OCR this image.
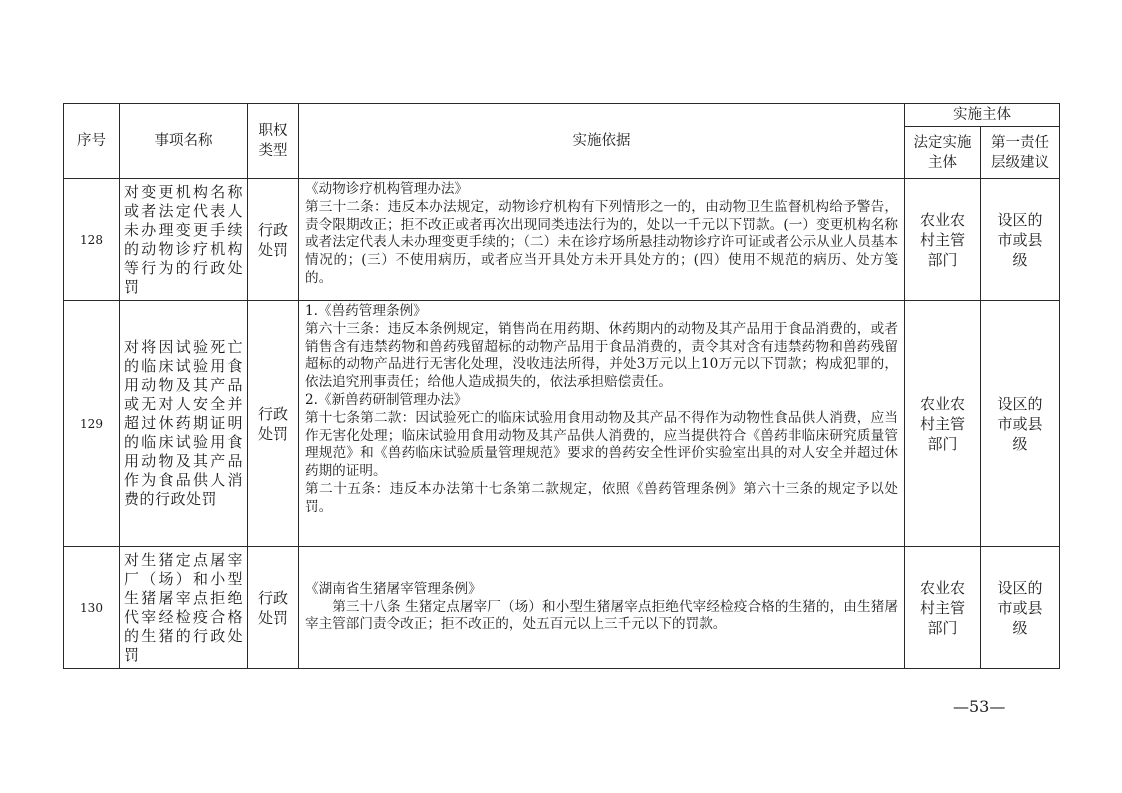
序号	事项名称	职权类型	实施依据	实施主体	
				法定实施主体	第一责任层级建议
128	对变更机构名称或者法定代表人未办理变更手续的动物诊疗机构等行为的行政处罚	行政处罚	《动物诊疗机构管理办法》
第三十二条：违反本办法规定，动物诊疗机构有下列情形之一的，由动物卫生监督机构给予警告，责令限期改正；拒不改正或者再次出现同类违法行为的，处以一千元以下罚款。(一）变更机构名称或者法定代表人未办理变更手续的；（二）未在诊疗场所悬挂动物诊疗许可证或者公示从业人员基本情况的；(三）不使用病历，或者应当开具处方未开具处方的；(四）使用不规范的病历、处方笺的。	农业农村主管部门	设区的市或县级
129	对将因试验死亡的临床试验用食用动物及其产品或无对人安全并超过休药期证明的临床试验用食用动物及其产品作为食品供人消费的行政处罚	行政处罚	1.《兽药管理条例》
第六十三条：违反本条例规定，销售尚在用药期、休药期内的动物及其产品用于食品消费的，或者销售含有违禁药物和兽药残留超标的动物产品用于食品消费的，责令其对含有违禁药物和兽药残留超标的动物产品进行无害化处理，没收违法所得，并处3万元以上10万元以下罚款；构成犯罪的，依法追究刑事责任；给他人造成损失的，依法承担赔偿责任。
2.《新兽药研制管理办法》
第十七条第二款：因试验死亡的临床试验用食用动物及其产品不得作为动物性食品供人消费，应当作无害化处理；临床试验用食用动物及其产品供人消费的，应当提供符合《兽药非临床研究质量管理规范》和《兽药临床试验质量管理规范》要求的兽药安全性评价实验室出具的对人安全并超过休药期的证明。
第二十五条：违反本办法第十七条第二款规定，依照《兽药管理条例》第六十三条的规定予以处罚。	农业农村主管部门	设区的市或县级
130	对生猪定点屠宰厂（场）和小型生猪屠宰点拒绝代宰经检疫合格的生猪的行政处罚	行政处罚	《湖南省生猪屠宰管理条例》
第三十八条 生猪定点屠宰厂（场）和小型生猪屠宰点拒绝代宰经检疫合格的生猪的，由生猪屠宰主管部门责令改正；拒不改正的，处五百元以上三千元以下的罚款。	农业农村主管部门	设区的市或县级
—53—
